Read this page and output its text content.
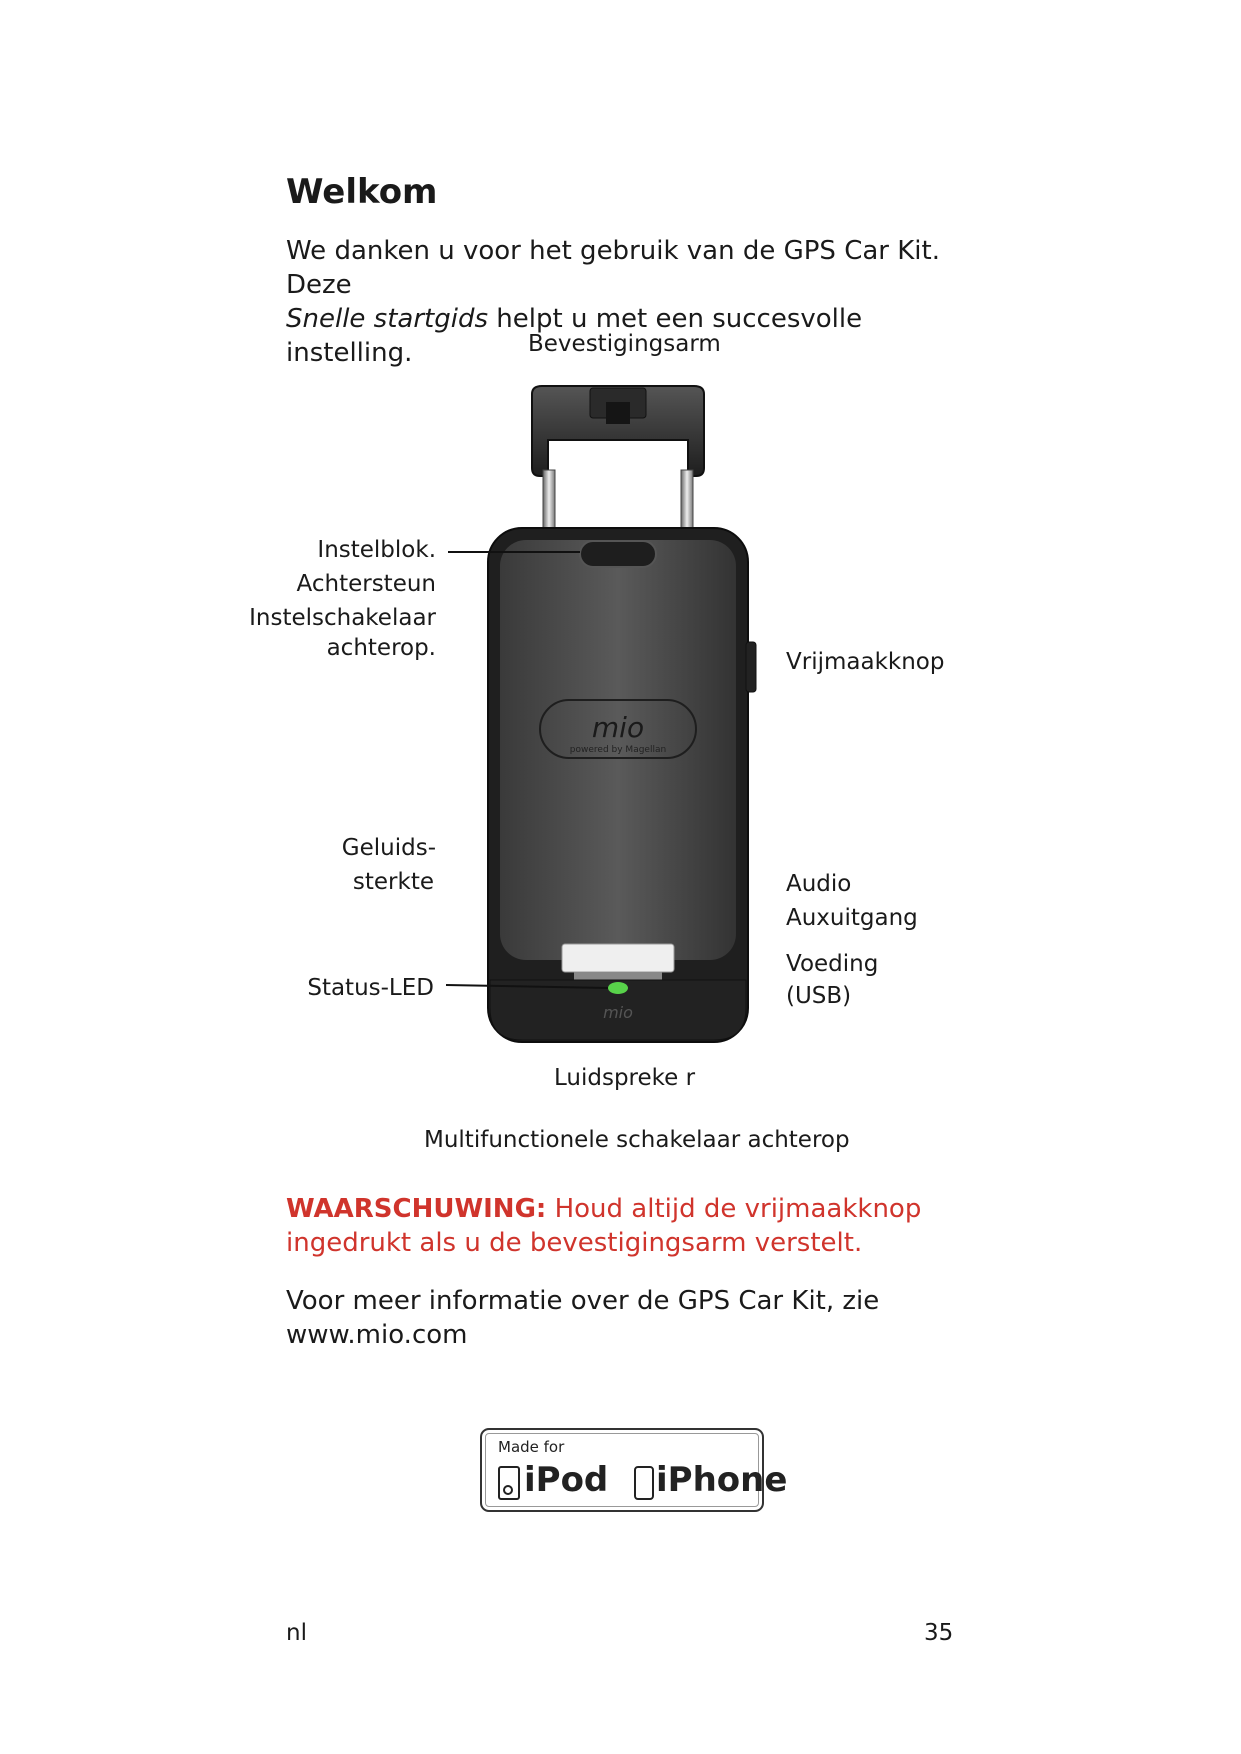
Welkom
We danken u voor het gebruik van de GPS Car Kit. Deze
Snelle startgids helpt u met een succesvolle instelling.
mio
powered by Magellan
mio
Bevestigingsarm
Instelblok.
Achtersteun
Instelschakelaar
achterop.
Vrijmaakknop
Geluids-
sterkte	Audio
Auxuitgang
Voeding
(USB)
Status-LED
Luidspreke r
Multifunctionele schakelaar achterop
WAARSCHUWING: Houd altijd de vrijmaakknop ingedrukt als u de bevestigingsarm verstelt.
Voor meer informatie over de GPS Car Kit, zie
www.mio.com
Made for
iPod iPhone
nl	35
